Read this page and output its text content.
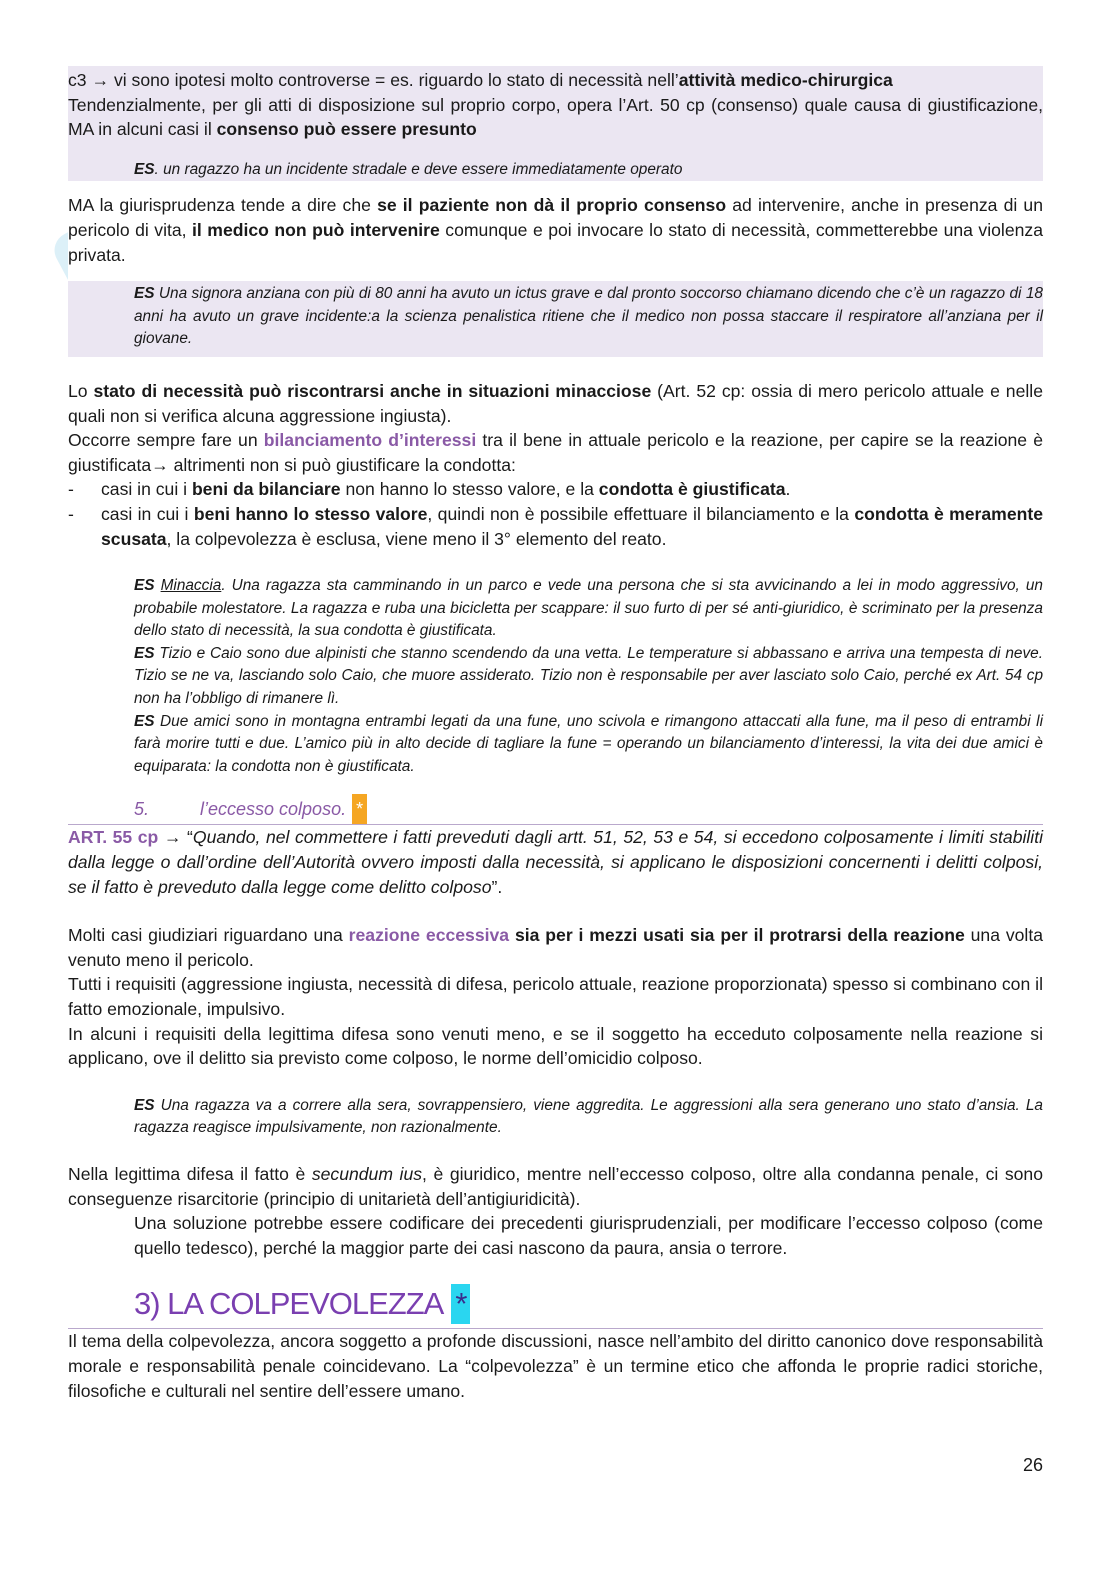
c3 → vi sono ipotesi molto controverse = es. riguardo lo stato di necessità nell’attività medico-chirurgica
Tendenzialmente, per gli atti di disposizione sul proprio corpo, opera l’Art. 50 cp (consenso) quale causa di giustificazione, MA in alcuni casi il consenso può essere presunto

ES. un ragazzo ha un incidente stradale e deve essere immediatamente operato

MA la giurisprudenza tende a dire che se il paziente non dà il proprio consenso ad intervenire, anche in presenza di un pericolo di vita, il medico non può intervenire comunque e poi invocare lo stato di necessità, commetterebbe una violenza privata.

ES Una signora anziana con più di 80 anni ha avuto un ictus grave e dal pronto soccorso chiamano dicendo che c’è un ragazzo di 18 anni ha avuto un grave incidente:a la scienza penalistica ritiene che il medico non possa staccare il respiratore all’anziana per il giovane.

Lo stato di necessità può riscontrarsi anche in situazioni minacciose (Art. 52 cp: ossia di mero pericolo attuale e nelle quali non si verifica alcuna aggressione ingiusta).

Occorre sempre fare un bilanciamento d’interessi tra il bene in attuale pericolo e la reazione, per capire se la reazione è giustificata→ altrimenti non si può giustificare la condotta:

- casi in cui i beni da bilanciare non hanno lo stesso valore, e la condotta è giustificata.
- casi in cui i beni hanno lo stesso valore, quindi non è possibile effettuare il bilanciamento e la condotta è meramente scusata, la colpevolezza è esclusa, viene meno il 3° elemento del reato.

ES Minaccia. Una ragazza sta camminando in un parco e vede una persona che si sta avvicinando a lei in modo aggressivo, un probabile molestatore. La ragazza e ruba una bicicletta per scappare: il suo furto di per sé anti-giuridico, è scriminato per la presenza dello stato di necessità, la sua condotta è giustificata.
ES Tizio e Caio sono due alpinisti che stanno scendendo da una vetta. Le temperature si abbassano e arriva una tempesta di neve. Tizio se ne va, lasciando solo Caio, che muore assiderato. Tizio non è responsabile per aver lasciato solo Caio, perché ex Art. 54 cp non ha l’obbligo di rimanere lì.
ES Due amici sono in montagna entrambi legati da una fune, uno scivola e rimangono attaccati alla fune, ma il peso di entrambi li farà morire tutti e due. L’amico più in alto decide di tagliare la fune = operando un bilanciamento d’interessi, la vita dei due amici è equiparata: la condotta non è giustificata.

5.	l’eccesso colposo. *

ART. 55 cp → “Quando, nel commettere i fatti preveduti dagli artt. 51, 52, 53 e 54, si eccedono colposamente i limiti stabiliti dalla legge o dall’ordine dell’Autorità ovvero imposti dalla necessità, si applicano le disposizioni concernenti i delitti colposi, se il fatto è preveduto dalla legge come delitto colposo”.

Molti casi giudiziari riguardano una reazione eccessiva sia per i mezzi usati sia per il protrarsi della reazione una volta venuto meno il pericolo.

Tutti i requisiti (aggressione ingiusta, necessità di difesa, pericolo attuale, reazione proporzionata) spesso si combinano con il fatto emozionale, impulsivo.

In alcuni i requisiti della legittima difesa sono venuti meno, e se il soggetto ha ecceduto colposamente nella reazione si applicano, ove il delitto sia previsto come colposo, le norme dell’omicidio colposo.

ES Una ragazza va a correre alla sera, sovrappensiero, viene aggredita. Le aggressioni alla sera generano uno stato d’ansia. La ragazza reagisce impulsivamente, non razionalmente.

Nella legittima difesa il fatto è secundum ius, è giuridico, mentre nell’eccesso colposo, oltre alla condanna penale, ci sono conseguenze risarcitorie (principio di unitarietà dell’antigiuridicità).

Una soluzione potrebbe essere codificare dei precedenti giurisprudenziali, per modificare l’eccesso colposo (come quello tedesco), perché la maggior parte dei casi nascono da paura, ansia o terrore.

3) LA COLPEVOLEZZA *

Il tema della colpevolezza, ancora soggetto a profonde discussioni, nasce nell’ambito del diritto canonico dove responsabilità morale e responsabilità penale coincidevano. La “colpevolezza” è un termine etico che affonda le proprie radici storiche, filosofiche e culturali nel sentire dell’essere umano.

26
